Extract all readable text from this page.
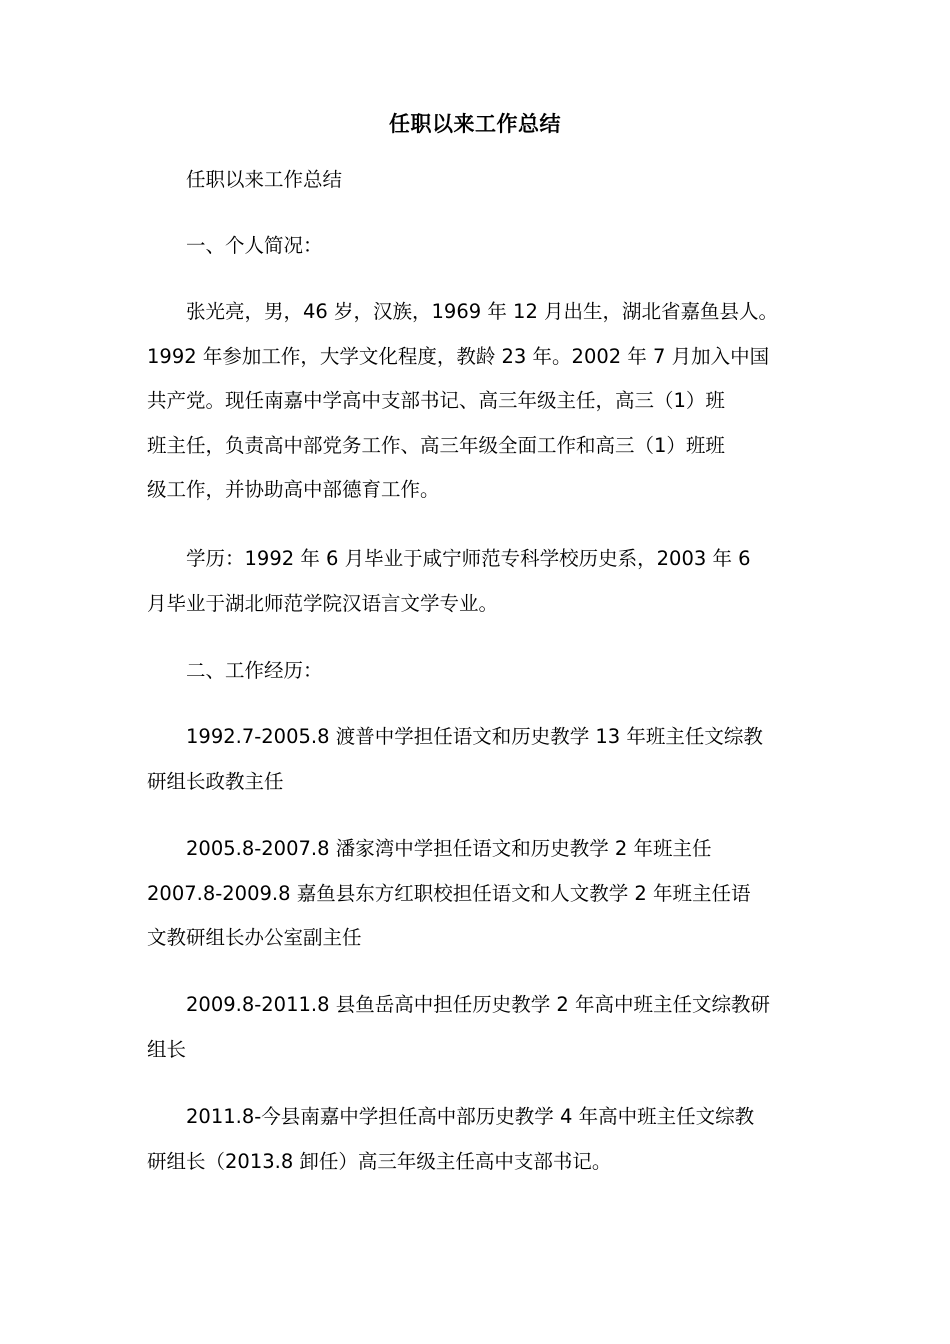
任职以来工作总结

任职以来工作总结

一、个人简况：

张光亮，男，46 岁，汉族，1969 年 12 月出生，湖北省嘉鱼县人。
1992 年参加工作，大学文化程度，教龄 23 年。2002 年 7 月加入中国
共产党。现任南嘉中学高中支部书记、高三年级主任，高三（1）班
班主任，负责高中部党务工作、高三年级全面工作和高三（1）班班
级工作，并协助高中部德育工作。

学历：1992 年 6 月毕业于咸宁师范专科学校历史系，2003 年 6
月毕业于湖北师范学院汉语言文学专业。

二、工作经历：

1992.7-2005.8 渡普中学担任语文和历史教学 13 年班主任文综教
研组长政教主任

2005.8-2007.8 潘家湾中学担任语文和历史教学 2 年班主任
2007.8-2009.8 嘉鱼县东方红职校担任语文和人文教学 2 年班主任语
文教研组长办公室副主任

2009.8-2011.8 县鱼岳高中担任历史教学 2 年高中班主任文综教研
组长

2011.8-今县南嘉中学担任高中部历史教学 4 年高中班主任文综教
研组长（2013.8 卸任）高三年级主任高中支部书记。
